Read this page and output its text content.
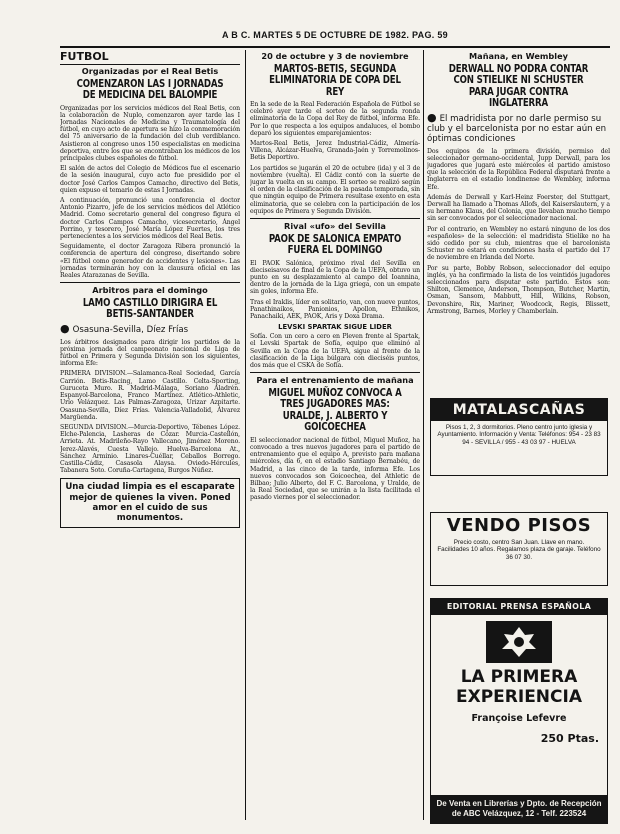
A B C. MARTES 5 DE OCTUBRE DE 1982. PAG. 59
FUTBOL
Organizadas por el Real Betis
COMENZARON LAS I JORNADAS DE MEDICINA DEL BALOMPIE

Organizadas por los servicios médicos del Real Betis, con la colaboración de Nuplo, comenzaron ayer tarde las I Jornadas Nacionales de Medicina y Traumatología del fútbol, en cuyo acto de apertura se hizo la conmemoración del 75 aniversario de la fundación del club verdiblanco. Asistieron al congreso unos 150 especialistas en medicina deportiva, entre los que se encontraban los médicos de los principales clubes españoles de fútbol.

El salón de actos del Colegio de Médicos fue el escenario de la sesión inaugural, cuyo acto fue presidido por el doctor José Carlos Campos Camacho, directivo del Betis, quien expuso el temario de estas I Jornadas.

A continuación, pronunció una conferencia el doctor Antonio Pizarro, jefe de los servicios médicos del Atlético Madrid. Como secretario general del congreso figura el doctor Carlos Campos Camacho, vicesecretario, Ángel Porrino, y tesorero, José María López Fuertes, los tres pertenecientes a los servicios médicos del Real Betis.

Seguidamente, el doctor Zaragoza Ribera pronunció la conferencia de apertura del congreso, disertando sobre «El fútbol como generador de accidentes y lesiones». Las jornadas terminarán hoy con la clausura oficial en las Reales Atarazanas de Sevilla.

Arbitros para el domingo
LAMO CASTILLO DIRIGIRA EL BETIS-SANTANDER
● Osasuna-Sevilla, Díez Frías

Los árbitros designados para dirigir los partidos de la próxima jornada del campeonato nacional de Liga de fútbol en Primera y Segunda División son los siguientes, informa Efe:

PRIMERA DIVISION.—Salamanca-Real Sociedad, García Carrión. Betis-Racing, Lamo Castillo. Celta-Sporting, Guruceta Muro. R. Madrid-Málaga, Soriano Aladrén. Espanyol-Barcelona, Franco Martínez. Atlético-Athletic, Urío Velázquez. Las Palmas-Zaragoza, Urizar Azpitarte. Osasuna-Sevilla, Díez Frías. Valencia-Valladolid, Álvarez Margüenda.

SEGUNDA DIVISION.—Murcia-Deportivo, Tébenes López. Elche-Palencia, Lasheras de Cózar. Murcia-Castellón, Arrieta. At. Madrileño-Rayo Vallecano, Jiménez Moreno. Jerez-Alavés, Cuesta Vallejo. Huelva-Barcelona At., Sánchez Arminio. Linares-Cuéllar, Ceballos Borrego. Castilla-Cádiz, Casasola Alaysa. Oviedo-Hércules, Tabanera Soto. Coruña-Cartagena, Burgos Núñez.

Una ciudad limpia es el escaparate mejor de quienes la viven. Poned amor en el cuido de sus monumentos.
20 de octubre y 3 de noviembre
MARTOS-BETIS, SEGUNDA ELIMINATORIA DE COPA DEL REY

En la sede de la Real Federación Española de Fútbol se celebró ayer tarde el sorteo de la segunda ronda eliminatoria de la Copa del Rey de fútbol, informa Efe. Por lo que respecta a los equipos andaluces, el bombo deparó los siguientes emparejamientos:

Martos-Real Betis, Jerez Industrial-Cádiz, Almería-Villena, Alcázar-Huelva, Granada-Jaén y Torremolinos-Betis Deportivo.

Los partidos se jugarán el 20 de octubre (ida) y el 3 de noviembre (vuelta). El Cádiz contó con la suerte de jugar la vuelta en su campo. El sorteo se realizó según el orden de la clasificación de la pasada temporada, sin que ningún equipo de Primera resultase exento en esta eliminatoria, que se celebra con la participación de los equipos de Primera y Segunda División.

Rival «ufo» del Sevilla
PAOK DE SALONICA EMPATO FUERA EL DOMINGO

El PAOK Salónica, próximo rival del Sevilla en dieciseisavos de final de la Copa de la UEFA, obtuvo un punto en su desplazamiento al campo del Ioannina, dentro de la jornada de la Liga griega, con un empate sin goles, informa Efe.

Tras el Iraklis, líder en solitario, van, con nueve puntos, Panathinaikos, Panionios, Apollon, Ethnikos, Panachaiki, AEK, PAOK, Aris y Doxa Drama.

LEVSKI SPARTAK SIGUE LIDER

Sofía. Con un cero a cero en Pleven frente al Spartak, el Levski Spartak de Sofía, equipo que eliminó al Sevilla en la Copa de la UEFA, sigue al frente de la clasificación de la Liga búlgara con dieciséis puntos, dos más que el CSKA de Sofía.

Para el entrenamiento de mañana
MIGUEL MUÑOZ CONVOCA A TRES JUGADORES MAS: URALDE, J. ALBERTO Y GOICOECHEA

El seleccionador nacional de fútbol, Miguel Muñoz, ha convocado a tres nuevos jugadores para el partido de entrenamiento que el equipo A, previsto para mañana miércoles, día 6, en el estadio Santiago Bernabéu, de Madrid, a las cinco de la tarde, informa Efe. Los nuevos convocados son Goicoechea, del Athletic de Bilbao; Julio Alberto, del F. C. Barcelona, y Uralde, de la Real Sociedad, que se unirán a la lista facilitada el pasado viernes por el seleccionador.

Mañana, en Wembley
DERWALL NO PODRA CONTAR CON STIELIKE NI SCHUSTER PARA JUGAR CONTRA INGLATERRA
● El madridista por no darle permiso su club y el barcelonista por no estar aún en óptimas condiciones

Dos equipos de la primera división, permiso del seleccionador germano-occidental, Jupp Derwall, para los jugadores que jugará este miércoles el partido amistoso que la selección de la República Federal disputará frente a Inglaterra en el estadio londinense de Wembley, informa Efe.

Además de Derwall y Karl-Heinz Foerster, del Stuttgart, Derwall ha llamado a Thomas Allofs, del Kaiserslautern, y a su hermano Klaus, del Colonia, que llevaban mucho tiempo sin ser convocados por el seleccionador nacional.

Por el contrario, en Wembley no estará ninguno de los dos «españoles» de la selección: el madridista Stielike no ha sido cedido por su club, mientras que el barcelonista Schuster no estará en condiciones hasta el partido del 17 de noviembre en Irlanda del Norte.

Por su parte, Bobby Robson, seleccionador del equipo inglés, ya ha confirmado la lista de los veintidós jugadores seleccionados para disputar este partido. Éstos son: Shilton, Clemence, Anderson, Thompson, Butcher, Martin, Osman, Sansom, Mabbutt, Hill, Wilkins, Robson, Devonshire, Rix, Mariner, Woodcock, Regis, Blissett, Armstrong, Barnes, Morley y Chamberlain.

MATALASCAÑAS
Pisos 1, 2, 3 dormitorios. Pleno centro junto iglesia y Ayuntamiento. Información y Venta: Teléfonos: 954 - 23 83 94 - SEVILLA / 955 - 43 03 97 - HUELVA
VENDO PISOS
Precio costo, centro San Juan. Llave en mano. Facilidades 10 años. Regalamos plaza de garaje. Teléfono 36 07 30.
EDITORIAL PRENSA ESPAÑOLA
LA PRIMERA EXPERIENCIA
Françoise Lefevre
250 Ptas.
De Venta en Librerías y Dpto. de Recepción de ABC Velázquez, 12 - Telf. 223524
